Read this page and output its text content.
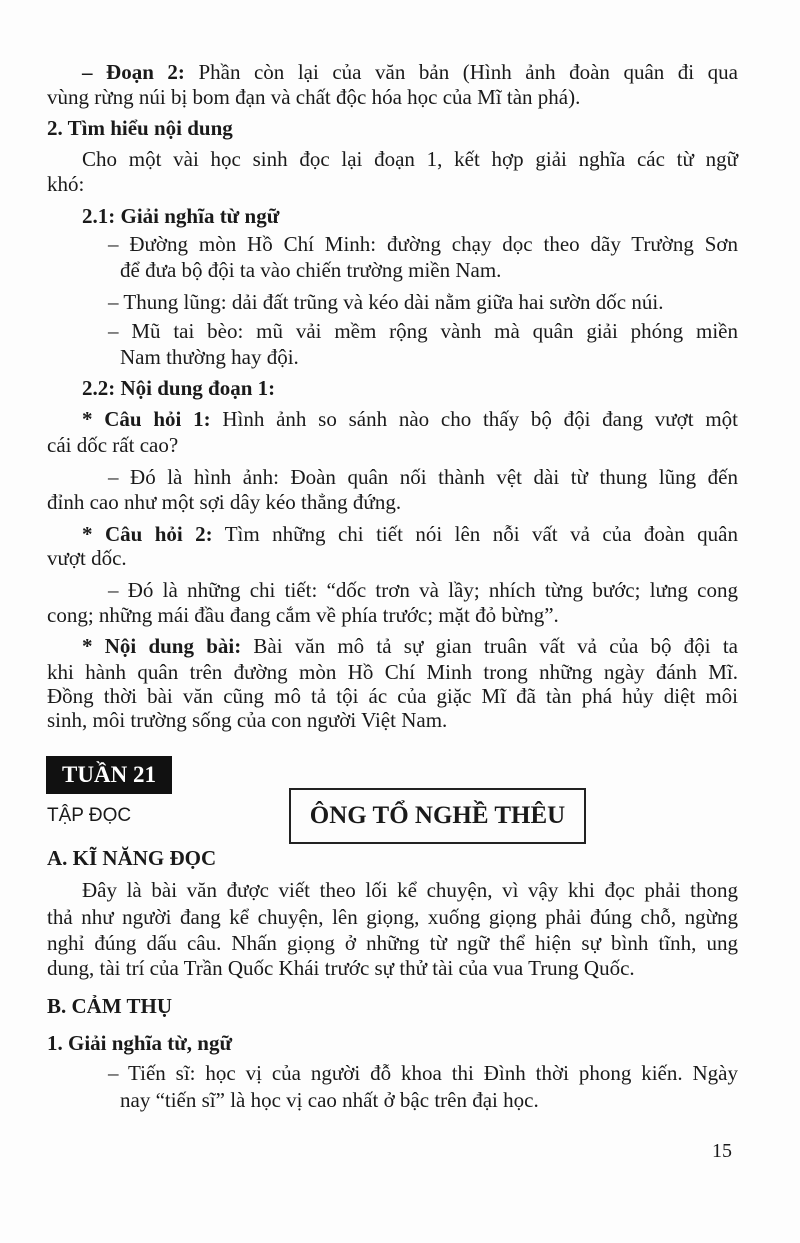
TUẦN 21
TẬP ĐỌC	ÔNG TỔ NGHỀ THÊU
15
– Đoạn 2: Phần còn lại của văn bản (Hình ảnh đoàn quân đi qua
vùng rừng núi bị bom đạn và chất độc hóa học của Mĩ tàn phá).
2. Tìm hiểu nội dung
Cho một vài học sinh đọc lại đoạn 1, kết hợp giải nghĩa các từ ngữ
khó:
2.1: Giải nghĩa từ ngữ
– Đường mòn Hồ Chí Minh: đường chạy dọc theo dãy Trường Sơn
để đưa bộ đội ta vào chiến trường miền Nam.
– Thung lũng: dải đất trũng và kéo dài nằm giữa hai sườn dốc núi.
– Mũ tai bèo: mũ vải mềm rộng vành mà quân giải phóng miền
Nam thường hay đội.
2.2: Nội dung đoạn 1:
* Câu hỏi 1: Hình ảnh so sánh nào cho thấy bộ đội đang vượt một
cái dốc rất cao?
– Đó là hình ảnh: Đoàn quân nối thành vệt dài từ thung lũng đến
đỉnh cao như một sợi dây kéo thẳng đứng.
* Câu hỏi 2: Tìm những chi tiết nói lên nỗi vất vả của đoàn quân
vượt dốc.
– Đó là những chi tiết: “dốc trơn và lầy; nhích từng bước; lưng cong
cong; những mái đầu đang cắm về phía trước; mặt đỏ bừng”.
* Nội dung bài: Bài văn mô tả sự gian truân vất vả của bộ đội ta
khi hành quân trên đường mòn Hồ Chí Minh trong những ngày đánh Mĩ.
Đồng thời bài văn cũng mô tả tội ác của giặc Mĩ đã tàn phá hủy diệt môi
sinh, môi trường sống của con người Việt Nam.
A. KĨ NĂNG ĐỌC
Đây là bài văn được viết theo lối kể chuyện, vì vậy khi đọc phải thong
thả như người đang kể chuyện, lên giọng, xuống giọng phải đúng chỗ, ngừng
nghỉ đúng dấu câu. Nhấn giọng ở những từ ngữ thể hiện sự bình tĩnh, ung
dung, tài trí của Trần Quốc Khái trước sự thử tài của vua Trung Quốc.
B. CẢM THỤ
1. Giải nghĩa từ, ngữ
– Tiến sĩ: học vị của người đỗ khoa thi Đình thời phong kiến. Ngày
nay “tiến sĩ” là học vị cao nhất ở bậc trên đại học.
